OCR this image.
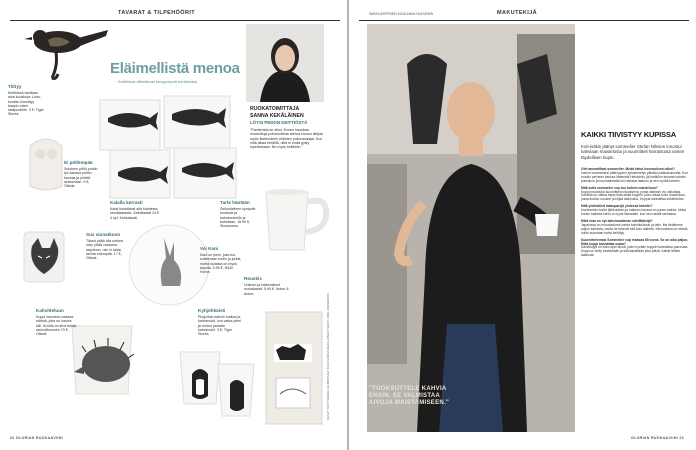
TAVARAT & TILPEHÖÖRIT
Eläimellistä menoa
Keittiössä villieläimet kesyyntyvät herttaisiksi.
Titityy
Keittiössä tarvitaan aina koukkuja. Lintu-koukku kiinnittyy kaapin ovien sisäpuolelle. 3 €, Tiger Stores.
Ei pöllömpää
Suloinen pöllö-purkki lyö kanssa pöllön kanssa ja piirtää seisomaan. 9 €, Oikeat.
Kalalla kerrasti
Kalat kimaltavat alla kahdesta seinälaatasta. Seinälaatat 24 € 4 kpl, Kukkakaali.
Sus siunatkoon
Tässä pitää olla surkea susi, pitää varautua tarjoiluun, niin ei taida tarvita enempää. 17 €, Oikeat.
Voi Kani
Kani on pieni, joka tuo sulkemaan kodin ja juhlat, mutta lautasia on myös tarjolla. 5.95 €, H&M Home.
Tarte häntään
Selkokielinen syntyvät kuulevat ja kahvimukeille ja kahvilaan. 16.90 €, Stockmann.
Kahvitteluun
Kuppi kaunista ruskeaa eläintä, joka on kaunis siili. Kuvilla on kiva tehdä rauhoittuminen 70 €, Oikeat.
Kyhjöhkäisti
Pingviinin kahvin maitoa ja kahvimukit, kun vatsa pieni ja tuntuu pahalta kahvimukit. 3 €, Tiger Stores.
Rouskis
Unikorn ja kaikenlaiset ruokakassit. 5.90 €, Anton & Anton.
RUOKATOIMITTAJA
SANNA KEKÄLÄINEN
LÖYSI PEDON KEITTIÖSTÄ
"Pantterista se alkoi. Ennen hauskaa muotoiltuja pullotuotteita kahvia kuuluu tietysti myös Bartenderin eläinten pullonavaajat. Kun niitä alkaa keräillä, niitä ei enää pysty lopettamaan. Ne myös keittiöön."
KUVAT TUOTTEIDEN VALMISTAJAT KUVA SANNA KEKÄLÄINEN TEKSTI ANNI LINDEROOS
22 GLORIAN RUOKA&VIINI
MAKUTEKIJÄ
SARA KARPPINEN KUVA ANNA HUOVINEN
"TUOKSUTTELE KAHVIA ENSIN. SE VALMISTAA AIVOJA MAISTAMISEEN."
KAIKKI TIIVISTYY KUPISSA
Koti-isäkin jäänyt sommelier Stefan Nilsson innostui kahviaan maistelusta ja suunnitteli harrastusta varten täydellisen kupin.
Olet ammatiltasi sommelier. Mistä kahvi-innostuksesi alkoi?
Harkin sommeliersi pätevyyden työskentelyn pitkään paikkakunnalla. Kun muutin perheen kanssa Malmistä Helsinkiin, jäi keittiöön tavaraa kahviin kokeiluun ja huomaamatta tuli rakkaus laatuun ja sen myötä kahviin.
Mitä sulla sommelier cup tuo kahvin maisteluun?
Kuppi muotoutui suunnittelun tuloksena, jonka alkeisiin voi vaikuttaa. Kahvilla on oltava myös tilaa aistia kuppiin, joten aikaa kului muotoiluun, jossa tuoksu nousee ja hiljaa laskeutuu. Kuppia kannattaa kokeilla itse.
Mitä yhdistäisit makuparejä yhdessä kahviin?
Useimmiten kahvi jälkiruokien ja makean kanssa on paras valinta. Mutta ennen kaikkea kahvi on hyvä itsessään, kun sen nauttii rauhassa.
Mikä maa on nyt kahvimaailman edelläkävijä?
Japanissa on muodostunut vahva kahvikulttuuri ja taito. Me tiedämme paljon kahvista, mutta he tekevät sitä kuin taidetta. Kiinnostava on nähdä, mihin suuntaan kahvi kehittyy.
Suunnittelemasi Sommelier cup maksaa 65 euroa. Se on aika paljon. Mikä kuppi kannattaa ostaa?
Kahvikuppi on koko ajan läsnä, joten hyvään kuppiin kannattaa panostaa. Kuppi on tehty kestämään ja sitä käytetään joka päivä. Kaikki lähtee laadusta.
GLORIAN RUOKA&VIINI 23
